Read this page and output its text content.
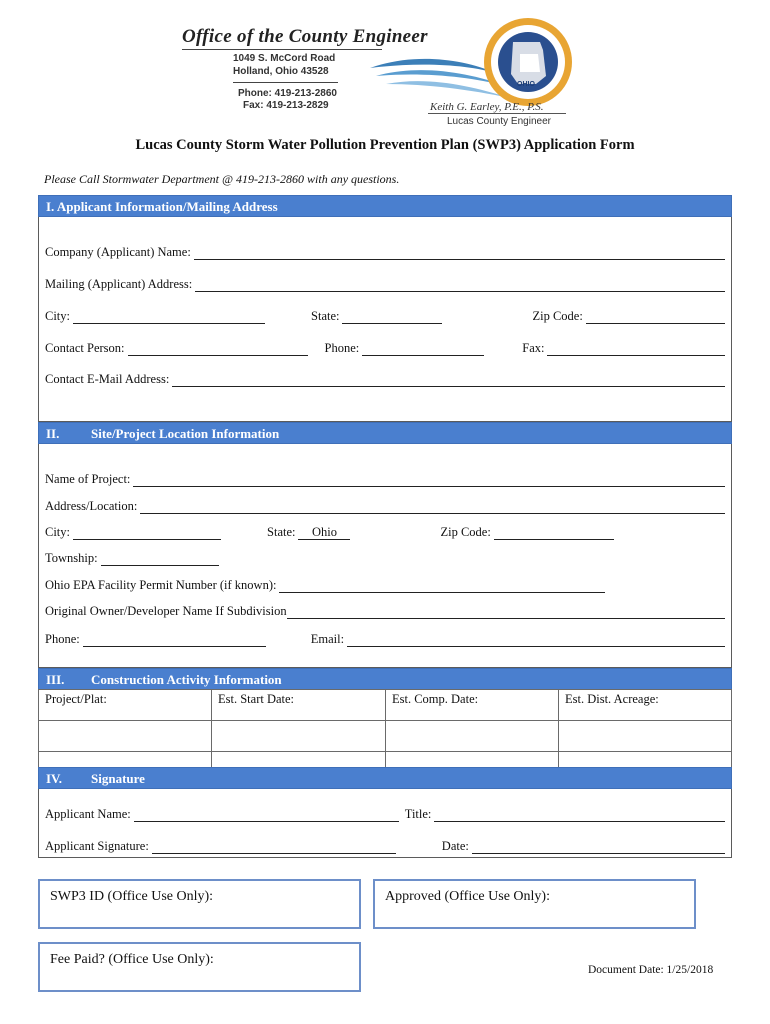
Office of the County Engineer
1049 S. McCord Road
Holland, Ohio 43528
Phone: 419-213-2860
Fax: 419-213-2829
OHIO
Keith G. Earley, P.E., P.S.
Lucas County Engineer
Lucas County Storm Water Pollution Prevention Plan (SWP3) Application Form
Please Call Stormwater Department @ 419-213-2860 with any questions.
I. Applicant Information/Mailing Address
Company (Applicant) Name:
Mailing (Applicant) Address:
City:	State:	Zip Code:
Contact Person:	Phone:	Fax:
Contact E-Mail Address:
II. Site/Project Location Information
Name of Project:
Address/Location:
City:	State:	Ohio	Zip Code:
Township:
Ohio EPA Facility Permit Number (if known):
Original Owner/Developer Name If Subdivision
Phone:	Email:
III. Construction Activity Information
Project/Plat:	Est. Start Date:	Est. Comp. Date:	Est. Dist. Acreage:

IV. Signature
Applicant Name:	Title:
Applicant Signature:	Date:
SWP3 ID (Office Use Only):	Approved (Office Use Only):
Fee Paid? (Office Use Only):
Document Date: 1/25/2018
